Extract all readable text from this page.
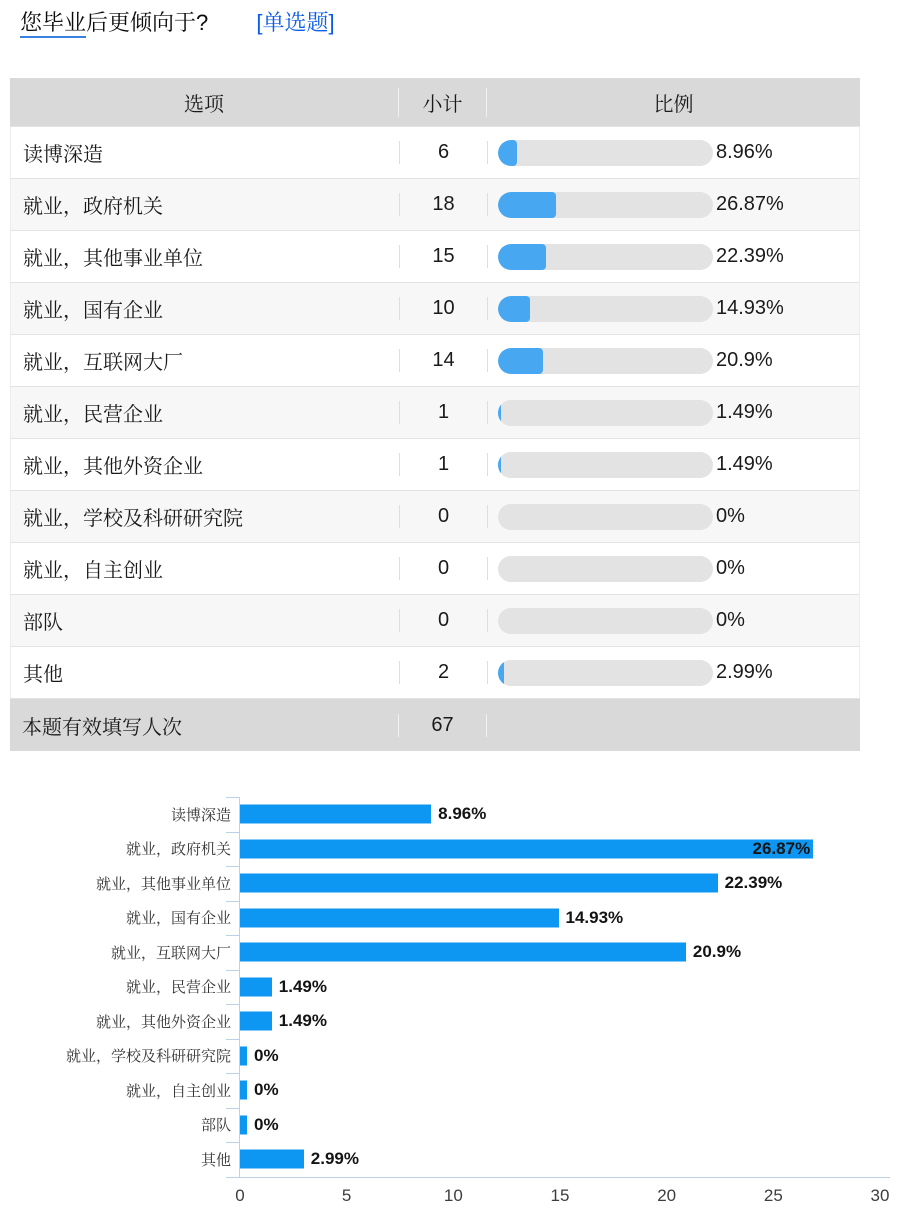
您毕业后更倾向于? [单选题]
选项	小计	比例
读博深造	6	8.96%
就业，政府机关	18	26.87%
就业，其他事业单位	15	22.39%
就业，国有企业	10	14.93%
就业，互联网大厂	14	20.9%
就业，民营企业	1	1.49%
就业，其他外资企业	1	1.49%
就业，学校及科研研究院	0	0%
就业，自主创业	0	0%
部队	0	0%
其他	2	2.99%
本题有效填写人次	67
读博深造	8.96%
就业，政府机关	26.87%
就业，其他事业单位	22.39%
就业，国有企业	14.93%
就业，互联网大厂	20.9%
就业，民营企业	1.49%
就业，其他外资企业	1.49%
就业，学校及科研研究院	0%
就业，自主创业	0%
部队	0%
其他	2.99%
0	5	10	15	20	25	30
